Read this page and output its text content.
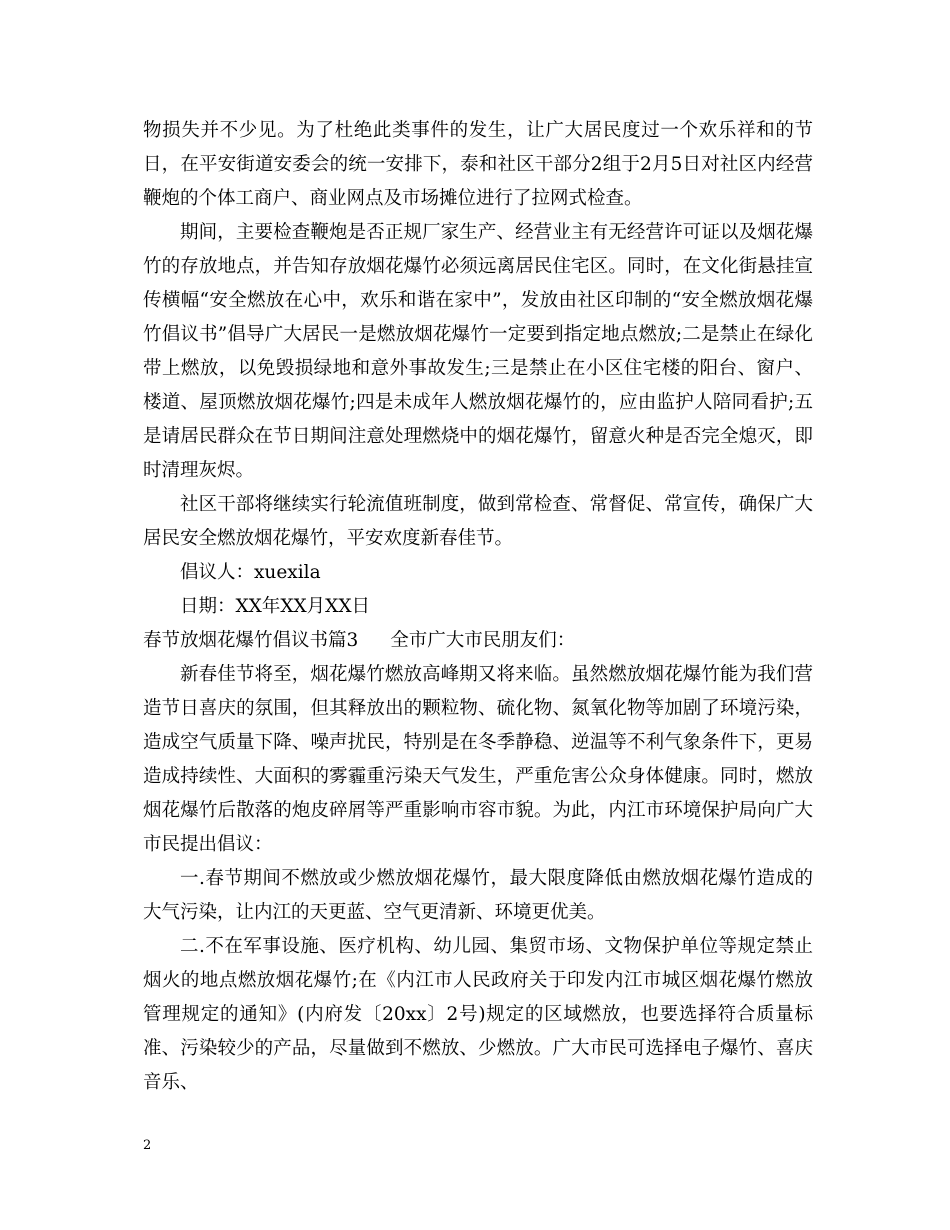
物损失并不少见。为了杜绝此类事件的发生，让广大居民度过一个欢乐祥和的节日，在平安街道安委会的统一安排下，泰和社区干部分2组于2月5日对社区内经营鞭炮的个体工商户、商业网点及市场摊位进行了拉网式检查。

期间，主要检查鞭炮是否正规厂家生产、经营业主有无经营许可证以及烟花爆竹的存放地点，并告知存放烟花爆竹必须远离居民住宅区。同时，在文化街悬挂宣传横幅“安全燃放在心中，欢乐和谐在家中”，发放由社区印制的“安全燃放烟花爆竹倡议书”倡导广大居民一是燃放烟花爆竹一定要到指定地点燃放;二是禁止在绿化带上燃放，以免毁损绿地和意外事故发生;三是禁止在小区住宅楼的阳台、窗户、楼道、屋顶燃放烟花爆竹;四是未成年人燃放烟花爆竹的，应由监护人陪同看护;五是请居民群众在节日期间注意处理燃烧中的烟花爆竹，留意火种是否完全熄灭，即时清理灰烬。

社区干部将继续实行轮流值班制度，做到常检查、常督促、常宣传，确保广大居民安全燃放烟花爆竹，平安欢度新春佳节。

倡议人：xuexila

日期：XX年XX月XX日

春节放烟花爆竹倡议书篇3 全市广大市民朋友们：

新春佳节将至，烟花爆竹燃放高峰期又将来临。虽然燃放烟花爆竹能为我们营造节日喜庆的氛围，但其释放出的颗粒物、硫化物、氮氧化物等加剧了环境污染，造成空气质量下降、噪声扰民，特别是在冬季静稳、逆温等不利气象条件下，更易造成持续性、大面积的雾霾重污染天气发生，严重危害公众身体健康。同时，燃放烟花爆竹后散落的炮皮碎屑等严重影响市容市貌。为此，内江市环境保护局向广大市民提出倡议：

一.春节期间不燃放或少燃放烟花爆竹，最大限度降低由燃放烟花爆竹造成的大气污染，让内江的天更蓝、空气更清新、环境更优美。

二.不在军事设施、医疗机构、幼儿园、集贸市场、文物保护单位等规定禁止烟火的地点燃放烟花爆竹;在《内江市人民政府关于印发内江市城区烟花爆竹燃放管理规定的通知》(内府发〔20xx〕2号)规定的区域燃放，也要选择符合质量标准、污染较少的产品，尽量做到不燃放、少燃放。广大市民可选择电子爆竹、喜庆音乐、

2
